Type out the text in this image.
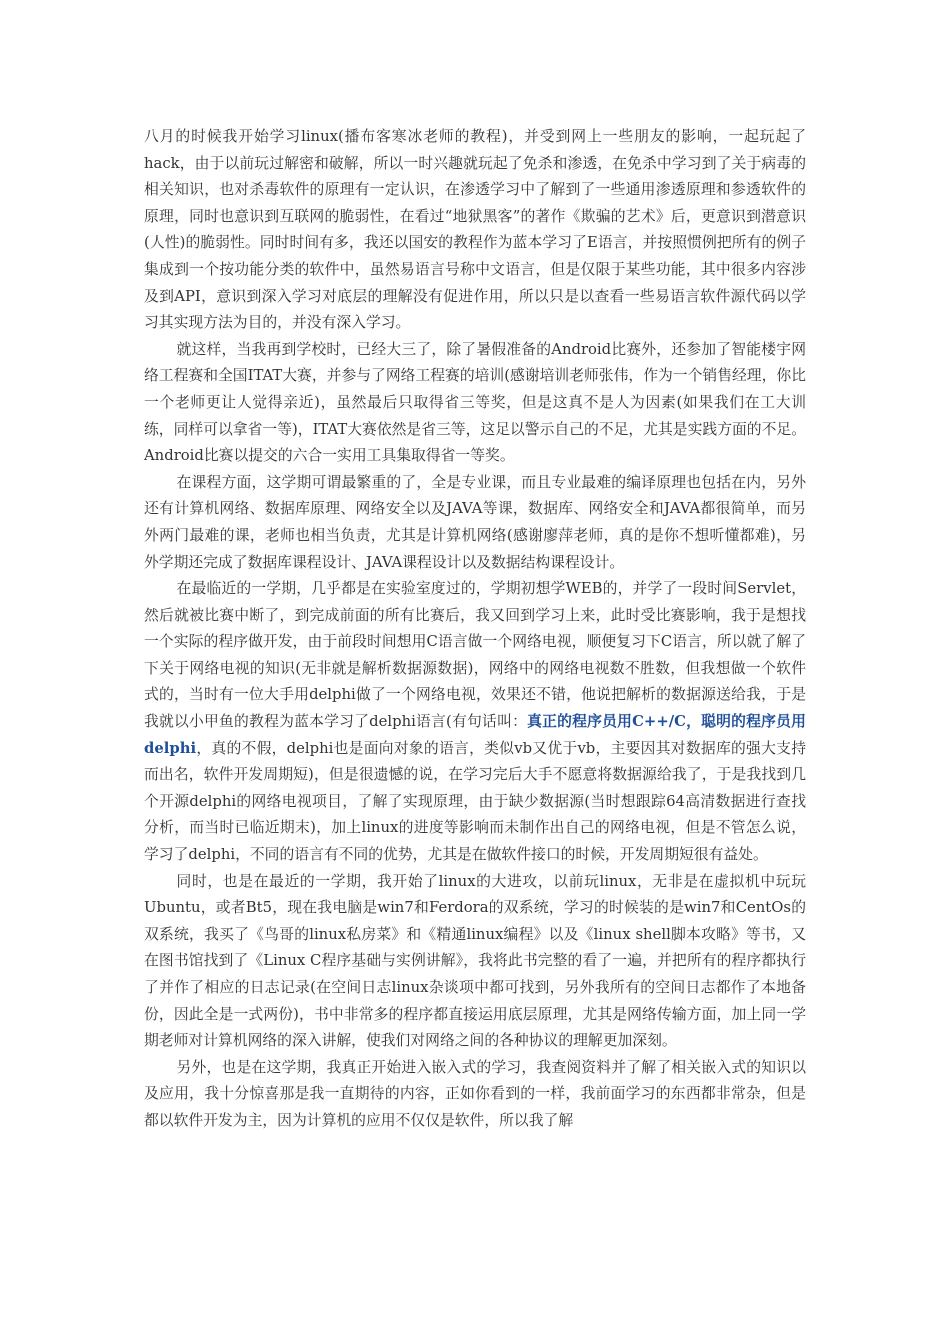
八月的时候我开始学习linux(播布客寒冰老师的教程)，并受到网上一些朋友的影响，一起玩起了hack，由于以前玩过解密和破解，所以一时兴趣就玩起了免杀和渗透，在免杀中学习到了关于病毒的相关知识，也对杀毒软件的原理有一定认识，在渗透学习中了解到了一些通用渗透原理和参透软件的原理，同时也意识到互联网的脆弱性，在看过“地狱黑客”的著作《欺骗的艺术》后，更意识到潜意识(人性)的脆弱性。同时时间有多，我还以国安的教程作为蓝本学习了E语言，并按照惯例把所有的例子集成到一个按功能分类的软件中，虽然易语言号称中文语言，但是仅限于某些功能，其中很多内容涉及到API，意识到深入学习对底层的理解没有促进作用，所以只是以查看一些易语言软件源代码以学习其实现方法为目的，并没有深入学习。

就这样，当我再到学校时，已经大三了，除了暑假准备的Android比赛外，还参加了智能楼宇网络工程赛和全国ITAT大赛，并参与了网络工程赛的培训(感谢培训老师张伟，作为一个销售经理，你比一个老师更让人觉得亲近)，虽然最后只取得省三等奖，但是这真不是人为因素(如果我们在工大训练，同样可以拿省一等)，ITAT大赛依然是省三等，这足以警示自己的不足，尤其是实践方面的不足。Android比赛以提交的六合一实用工具集取得省一等奖。

在课程方面，这学期可谓最繁重的了，全是专业课，而且专业最难的编译原理也包括在内，另外还有计算机网络、数据库原理、网络安全以及JAVA等课，数据库、网络安全和JAVA都很简单，而另外两门最难的课，老师也相当负责，尤其是计算机网络(感谢廖萍老师，真的是你不想听懂都难)，另外学期还完成了数据库课程设计、JAVA课程设计以及数据结构课程设计。

在最临近的一学期，几乎都是在实验室度过的，学期初想学WEB的，并学了一段时间Servlet，然后就被比赛中断了，到完成前面的所有比赛后，我又回到学习上来，此时受比赛影响，我于是想找一个实际的程序做开发，由于前段时间想用C语言做一个网络电视，顺便复习下C语言，所以就了解了下关于网络电视的知识(无非就是解析数据源数据)，网络中的网络电视数不胜数，但我想做一个软件式的，当时有一位大手用delphi做了一个网络电视，效果还不错，他说把解析的数据源送给我，于是我就以小甲鱼的教程为蓝本学习了delphi语言(有句话叫：真正的程序员用C++/C，聪明的程序员用delphi，真的不假，delphi也是面向对象的语言，类似vb又优于vb，主要因其对数据库的强大支持而出名，软件开发周期短)，但是很遗憾的说，在学习完后大手不愿意将数据源给我了，于是我找到几个开源delphi的网络电视项目，了解了实现原理，由于缺少数据源(当时想跟踪64高清数据进行查找分析，而当时已临近期末)，加上linux的进度等影响而未制作出自己的网络电视，但是不管怎么说，学习了delphi，不同的语言有不同的优势，尤其是在做软件接口的时候，开发周期短很有益处。

同时，也是在最近的一学期，我开始了linux的大进攻，以前玩linux，无非是在虚拟机中玩玩Ubuntu，或者Bt5，现在我电脑是win7和Ferdora的双系统，学习的时候装的是win7和CentOs的双系统，我买了《鸟哥的linux私房菜》和《精通linux编程》以及《linux shell脚本攻略》等书，又在图书馆找到了《Linux C程序基础与实例讲解》，我将此书完整的看了一遍，并把所有的程序都执行了并作了相应的日志记录(在空间日志linux杂谈项中都可找到，另外我所有的空间日志都作了本地备份，因此全是一式两份)，书中非常多的程序都直接运用底层原理，尤其是网络传输方面，加上同一学期老师对计算机网络的深入讲解，使我们对网络之间的各种协议的理解更加深刻。

另外，也是在这学期，我真正开始进入嵌入式的学习，我查阅资料并了解了相关嵌入式的知识以及应用，我十分惊喜那是我一直期待的内容，正如你看到的一样，我前面学习的东西都非常杂，但是都以软件开发为主，因为计算机的应用不仅仅是软件，所以我了解
